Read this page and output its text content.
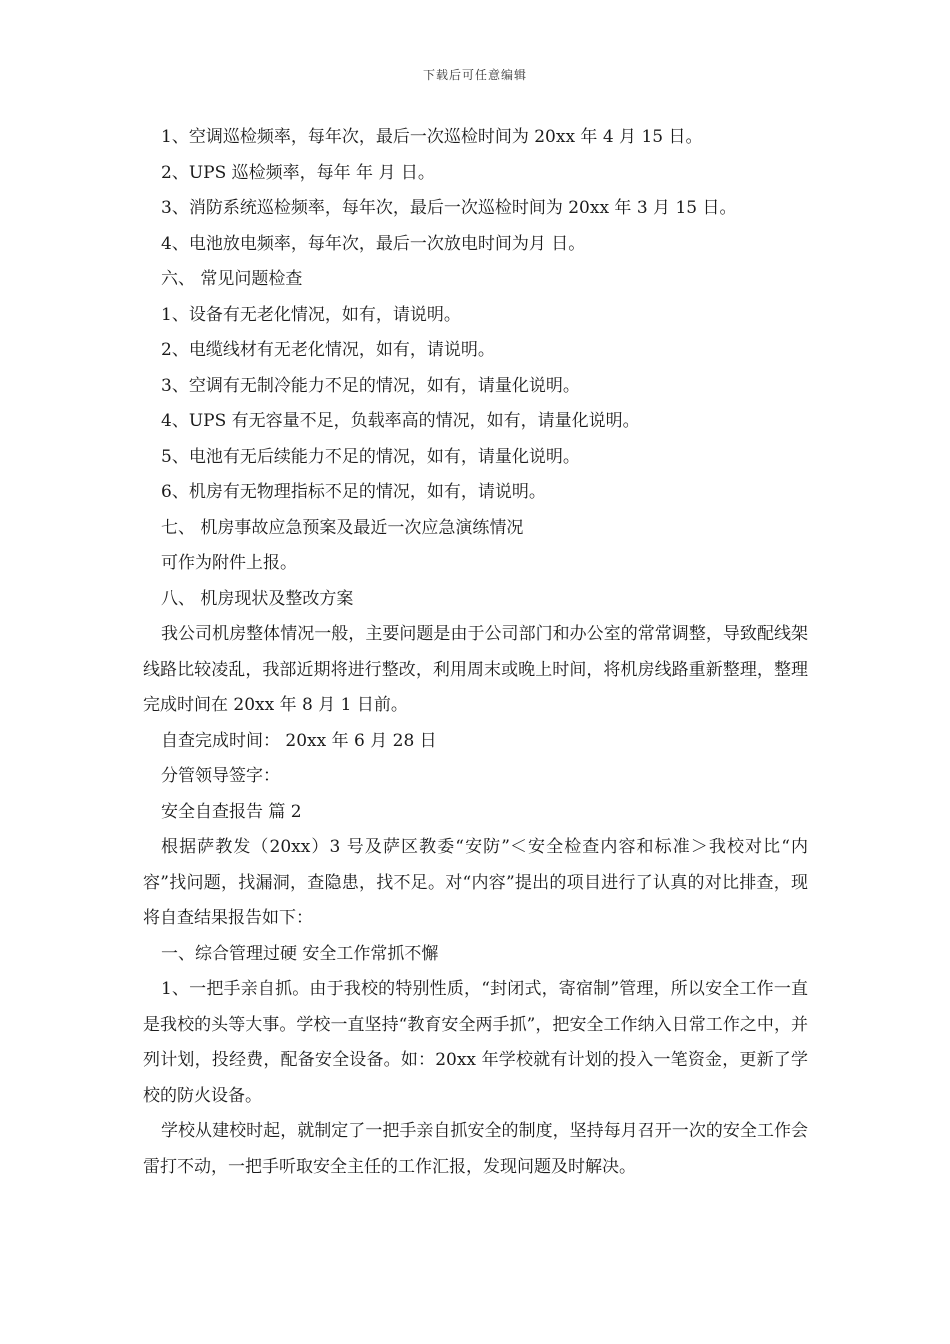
下载后可任意编辑
1、空调巡检频率，每年次，最后一次巡检时间为 20xx 年 4 月 15 日。
2、UPS 巡检频率，每年 年 月 日。
3、消防系统巡检频率，每年次，最后一次巡检时间为 20xx 年 3 月 15 日。
4、电池放电频率，每年次，最后一次放电时间为月 日。
六、 常见问题检查
1、设备有无老化情况，如有，请说明。
2、电缆线材有无老化情况，如有，请说明。
3、空调有无制冷能力不足的情况，如有，请量化说明。
4、UPS 有无容量不足，负载率高的情况，如有，请量化说明。
5、电池有无后续能力不足的情况，如有，请量化说明。
6、机房有无物理指标不足的情况，如有，请说明。
七、 机房事故应急预案及最近一次应急演练情况
可作为附件上报。
八、 机房现状及整改方案

我公司机房整体情况一般，主要问题是由于公司部门和办公室的常常调整，导致配线架线路比较凌乱，我部近期将进行整改，利用周末或晚上时间，将机房线路重新整理，整理完成时间在 20xx 年 8 月 1 日前。

自查完成时间： 20xx 年 6 月 28 日
分管领导签字：
安全自查报告 篇 2

根据萨教发（20xx）3 号及萨区教委“安防”＜安全检查内容和标准＞我校对比“内容”找问题，找漏洞，查隐患，找不足。对“内容”提出的项目进行了认真的对比排查，现将自查结果报告如下：

一、综合管理过硬 安全工作常抓不懈

1、一把手亲自抓。由于我校的特别性质，“封闭式，寄宿制”管理，所以安全工作一直是我校的头等大事。学校一直坚持“教育安全两手抓”，把安全工作纳入日常工作之中，并列计划，投经费，配备安全设备。如：20xx 年学校就有计划的投入一笔资金，更新了学校的防火设备。

学校从建校时起，就制定了一把手亲自抓安全的制度，坚持每月召开一次的安全工作会雷打不动，一把手听取安全主任的工作汇报，发现问题及时解决。
